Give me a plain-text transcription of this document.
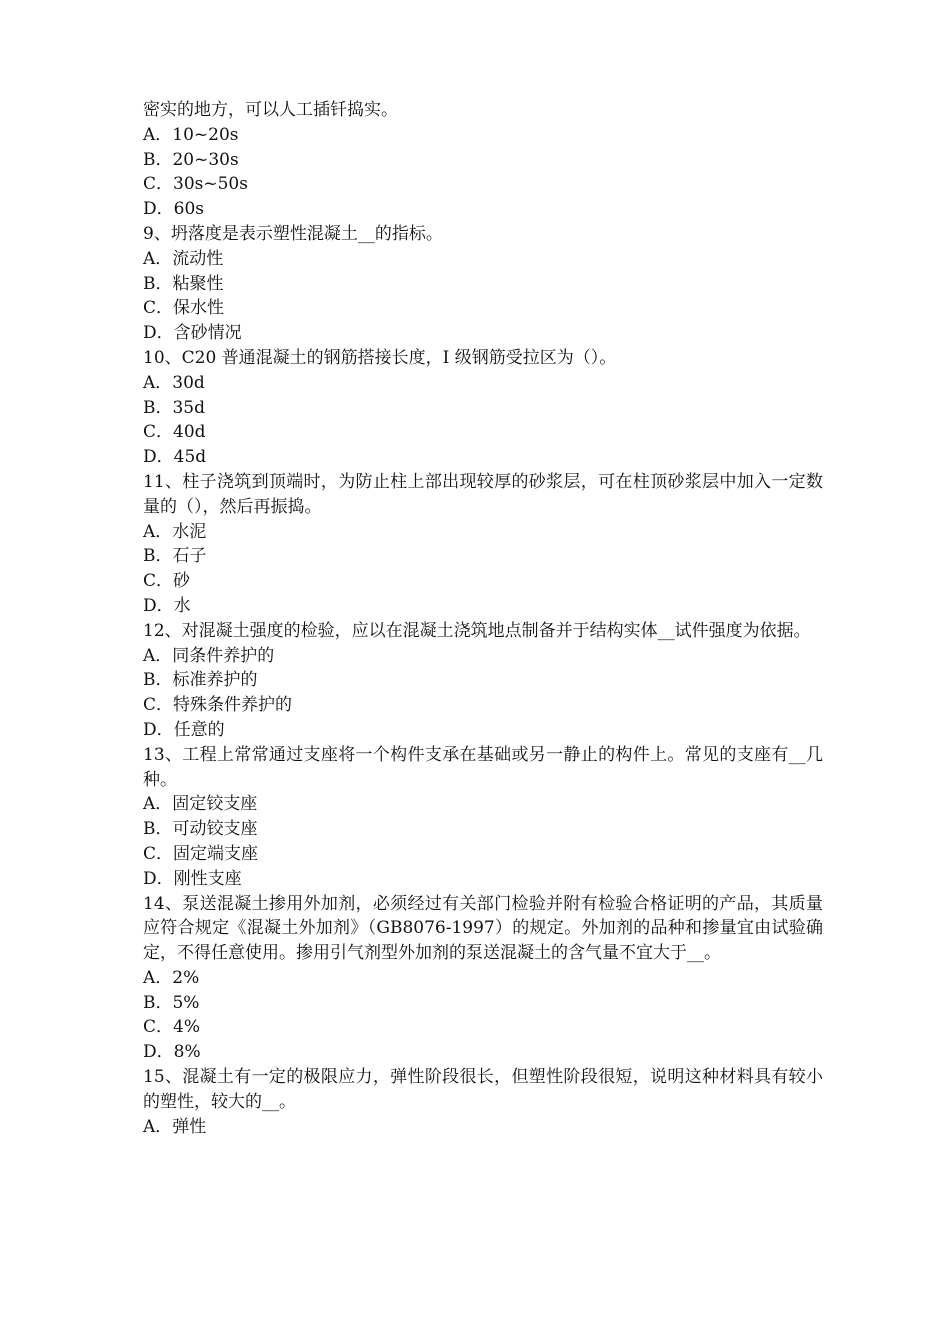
密实的地方，可以人工插钎捣实。
A．10~20s
B．20~30s
C．30s~50s
D．60s
9、坍落度是表示塑性混凝土__的指标。
A．流动性
B．粘聚性
C．保水性
D．含砂情况
10、C20 普通混凝土的钢筋搭接长度，I 级钢筋受拉区为（）。
A．30d
B．35d
C．40d
D．45d
11、柱子浇筑到顶端时，为防止柱上部出现较厚的砂浆层，可在柱顶砂浆层中加入一定数量的（），然后再振捣。
A．水泥
B．石子
C．砂
D．水
12、对混凝土强度的检验，应以在混凝土浇筑地点制备并于结构实体__试件强度为依据。
A．同条件养护的
B．标准养护的
C．特殊条件养护的
D．任意的
13、工程上常常通过支座将一个构件支承在基础或另一静止的构件上。常见的支座有__几种。
A．固定铰支座
B．可动铰支座
C．固定端支座
D．刚性支座
14、泵送混凝土掺用外加剂，必须经过有关部门检验并附有检验合格证明的产品，其质量应符合规定《混凝土外加剂》（GB8076-1997）的规定。外加剂的品种和掺量宜由试验确定，不得任意使用。掺用引气剂型外加剂的泵送混凝土的含气量不宜大于__。
A．2%
B．5%
C．4%
D．8%
15、混凝土有一定的极限应力，弹性阶段很长，但塑性阶段很短，说明这种材料具有较小的塑性，较大的__。
A．弹性
